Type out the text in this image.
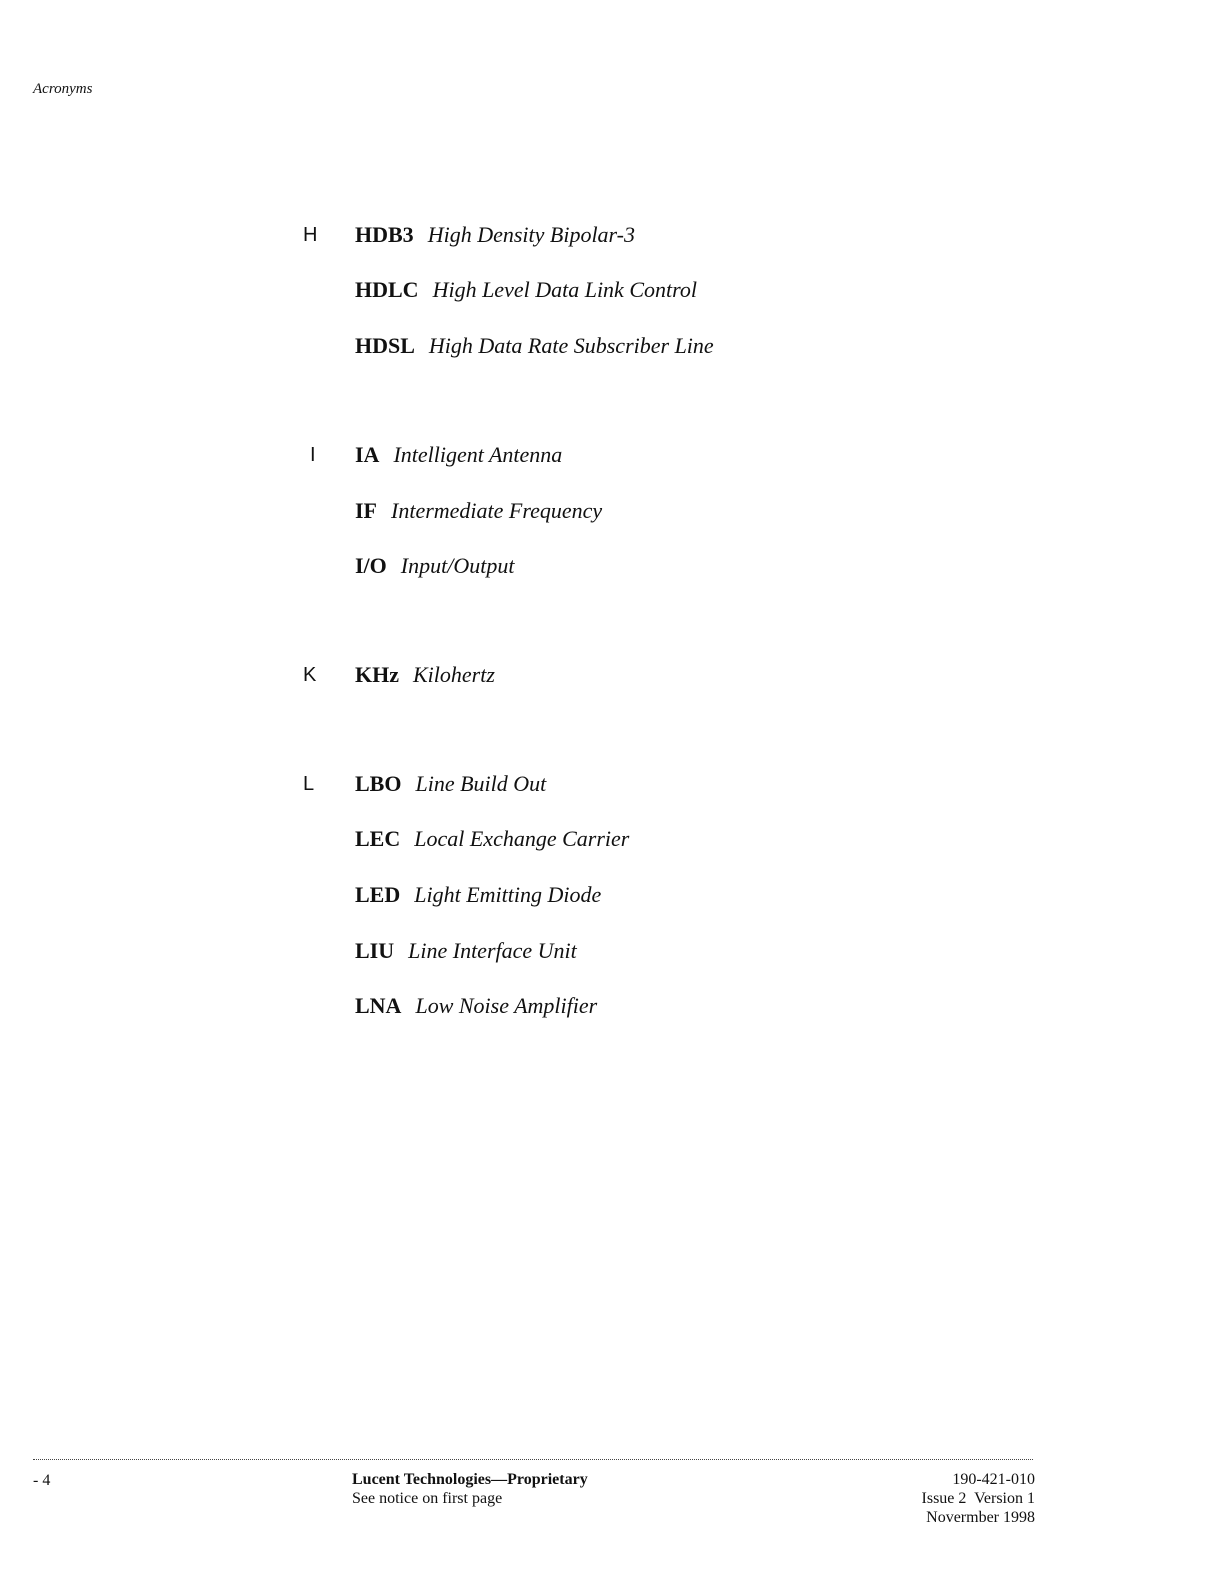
Acronyms
H HDB3 High Density Bipolar-3
HDLC High Level Data Link Control
HDSL High Data Rate Subscriber Line
I IA Intelligent Antenna
IF Intermediate Frequency
I/O Input/Output
K KHz Kilohertz
L LBO Line Build Out
LEC Local Exchange Carrier
LED Light Emitting Diode
LIU Line Interface Unit
LNA Low Noise Amplifier
- 4	Lucent Technologies—Proprietary
See notice on first page
190-421-010
Issue 2  Version 1
Novermber 1998
